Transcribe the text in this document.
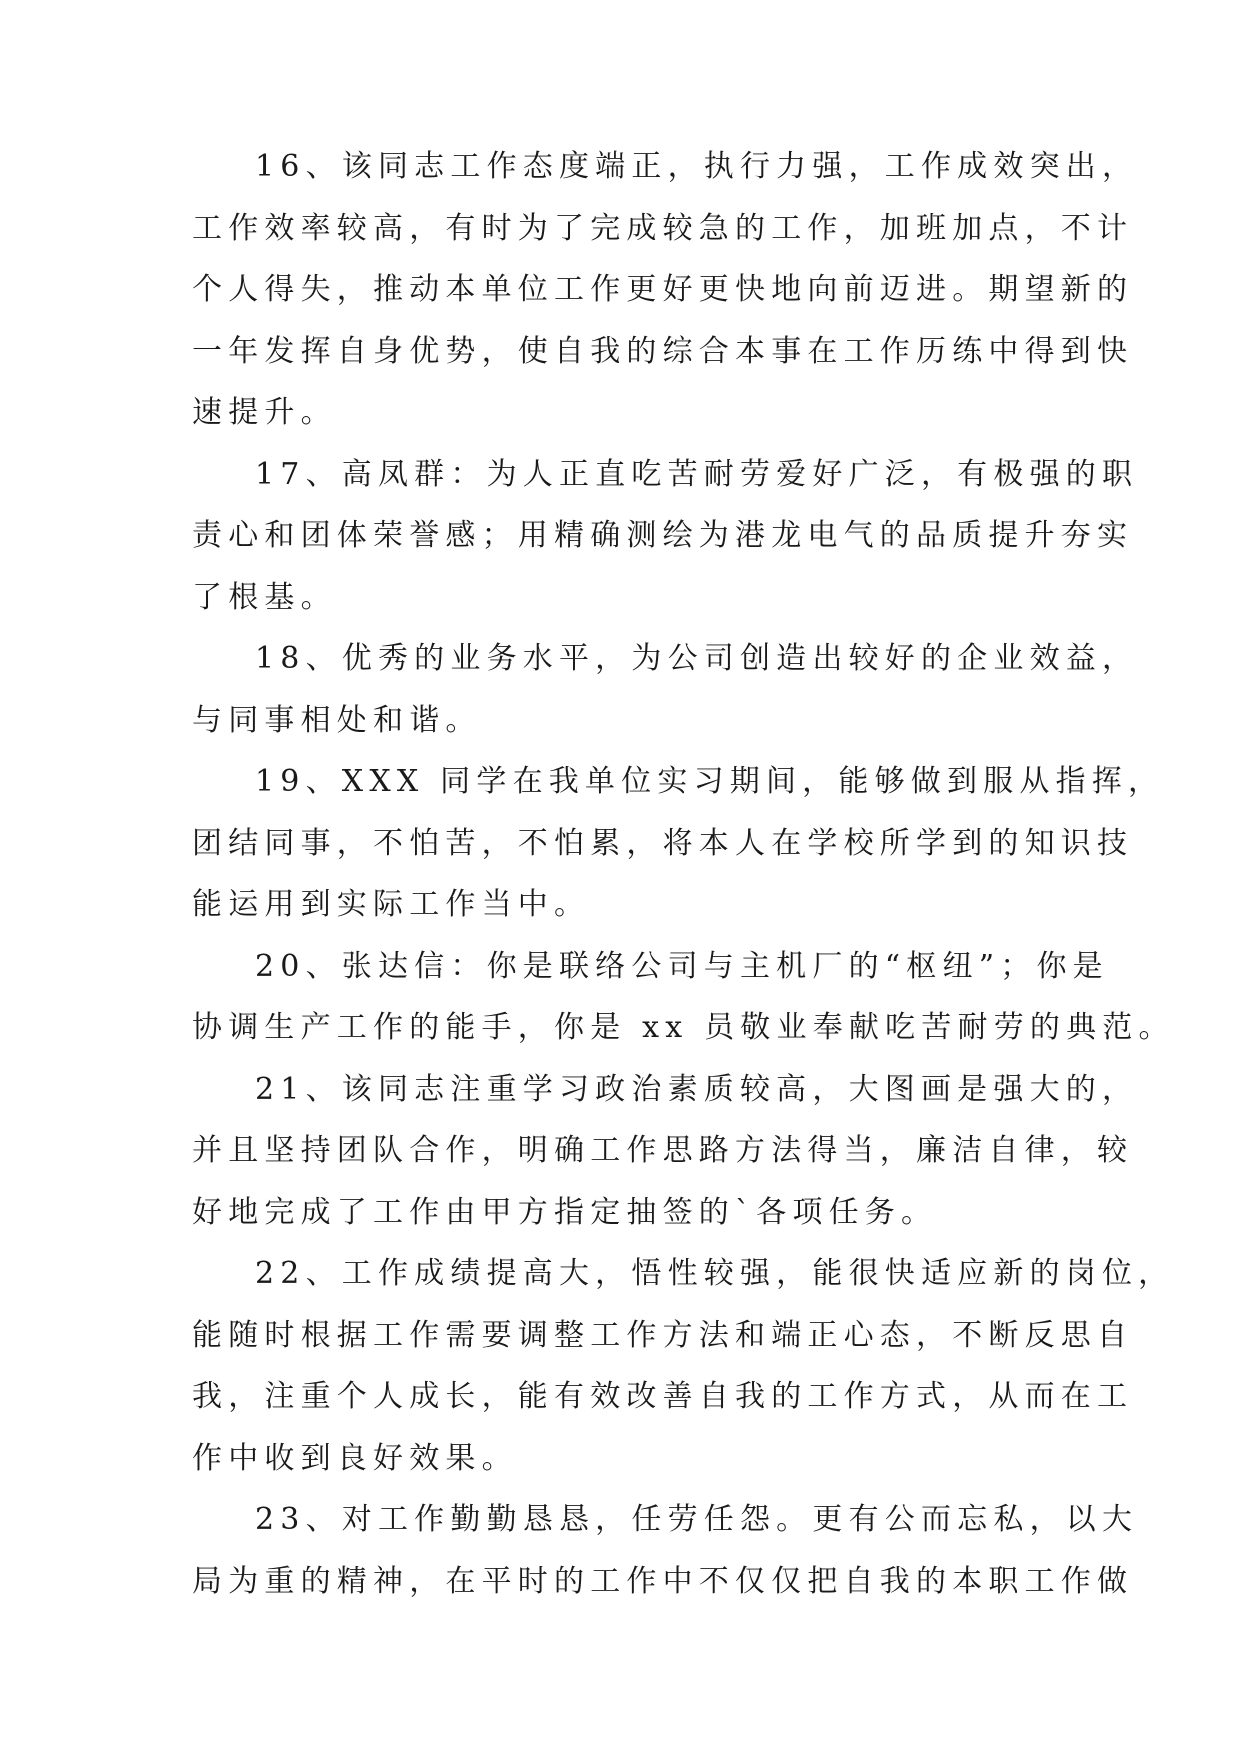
16、该同志工作态度端正，执行力强，工作成效突出，
工作效率较高，有时为了完成较急的工作，加班加点，不计
个人得失，推动本单位工作更好更快地向前迈进。期望新的
一年发挥自身优势，使自我的综合本事在工作历练中得到快
速提升。
17、高凤群：为人正直吃苦耐劳爱好广泛，有极强的职
责心和团体荣誉感；用精确测绘为港龙电气的品质提升夯实
了根基。
18、优秀的业务水平，为公司创造出较好的企业效益，
与同事相处和谐。
19、XXX 同学在我单位实习期间，能够做到服从指挥，
团结同事，不怕苦，不怕累，将本人在学校所学到的知识技
能运用到实际工作当中。
20、张达信：你是联络公司与主机厂的“枢纽”；你是
协调生产工作的能手，你是 xx 员敬业奉献吃苦耐劳的典范。
21、该同志注重学习政治素质较高，大图画是强大的，
并且坚持团队合作，明确工作思路方法得当，廉洁自律，较
好地完成了工作由甲方指定抽签的`各项任务。
22、工作成绩提高大，悟性较强，能很快适应新的岗位，
能随时根据工作需要调整工作方法和端正心态，不断反思自
我，注重个人成长，能有效改善自我的工作方式，从而在工
作中收到良好效果。
23、对工作勤勤恳恳，任劳任怨。更有公而忘私，以大
局为重的精神，在平时的工作中不仅仅把自我的本职工作做
